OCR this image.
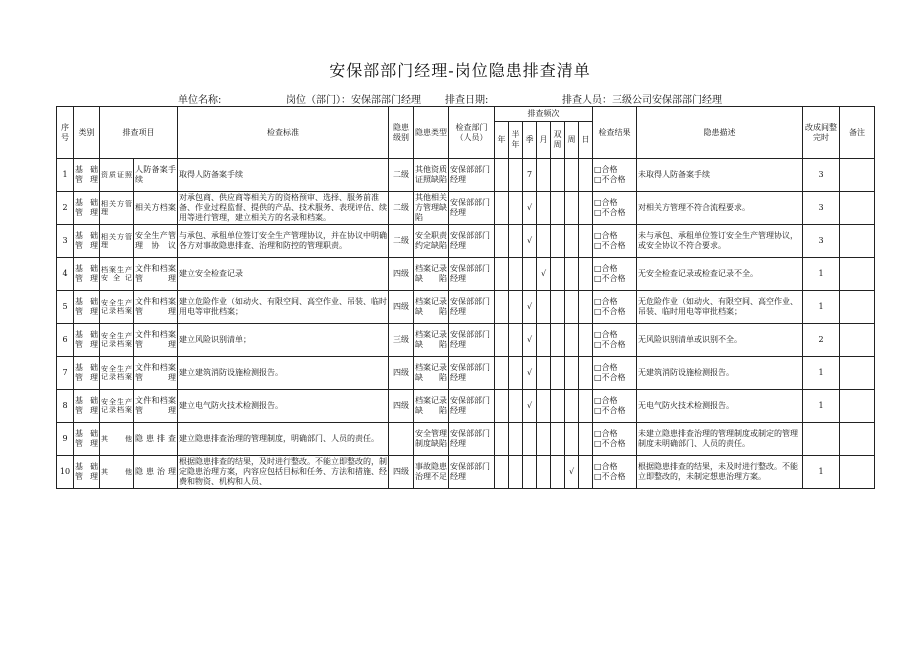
安保部部门经理-岗位隐患排查清单
单位名称:	岗位（部门）：安保部部门经理 排查日期:	排查人员：三级公司安保部部门经理
序号	类别	排查项目		检查标准	隐患级别	隐患类型	检查部门（人员）	排查频次							检查结果	隐患描述	改成间整完时	备注
								年	半年	季	月	双周	周	日				
1	基础管理	资质证照	人防备案手续	取得人防备案手续	二级	其他资质证照缺陷	安保部部门经理			7					□合格
□不合格	未取得人防备案手续	3	
2	基础管理	相关方管理	相关方档案	对承包商、供应商等相关方的资格预审、选择、服务前准备、作业过程监督、提供的产品、技术服务、表现评估、续用等进行管理，建立相关方的名录和档案。	二级	其他相关方管理缺陷	安保部部门经理			√					□合格
□不合格	对相关方管理不符合流程要求。	3	
3	基础管理	相关方管理	安全生产管理协议	与承包、承租单位签订安全生产管理协议，并在协议中明确各方对事故隐患排查、治理和防控的管理职责。	二级	安全职责约定缺陷	安保部部门经理			√					□合格
□不合格	未与承包、承租单位签订安全生产管理协议，或安全协议不符合要求。	3	
4	基础管理	档案生产安全记	文件和档案管理	建立安全检查记录	四级	档案记录缺陷	安保部部门经理				√				□合格
□不合格	无安全检查记录或检查记录不全。	1	
5	基础管理	安全生产记录档案	文件和档案管理	建立危险作业（如动火、有限空间、高空作业、吊装、临时用电等审批档案；	四级	档案记录缺陷	安保部部门经理			√					□合格
□不合格	无危险作业（如动火、有限空间、高空作业、吊装、临时用电等审批档案；	1	
6	基础管理	安全生产记录档案	文件和档案管理	建立风险识别清单；	三级	档案记录缺陷	安保部部门经理			√					□合格
□不合格	无风险识别清单或识别不全。	2	
7	基础管理	安全生产记录档案	文件和档案管理	建立建筑消防设施检测报告。	四级	档案记录缺陷	安保部部门经理			√					□合格
□不合格	无建筑消防设施检测报告。	1	
8	基础管理	安全生产记录档案	文件和档案管理	建立电气防火技术检测报告。	四级	档案记录缺陷	安保部部门经理			√					□合格
□不合格	无电气防火技术检测报告。	1	
9	基础管理	其他	隐患排查	建立隐患排查治理的管理制度，明确部门、人员的责任。		安全管理制度缺陷	安保部部门经理								□合格
□不合格	未建立隐患排查治理的管理制度或制定的管理制度未明确部门、人员的责任。		
10	基础管理	其他	隐患治理	根据隐患排查的结果，及时进行整改。不能立即整改的，制定隐患治理方案，内容应包括目标和任务、方法和措施、经费和物资、机构和人员、	四级	事故隐患治理不足	安保部部门经理						√		□合格
□不合格	根据隐患排查的结果，未及时进行整改。不能立即整改的，未制定想患治理方案。	1	
